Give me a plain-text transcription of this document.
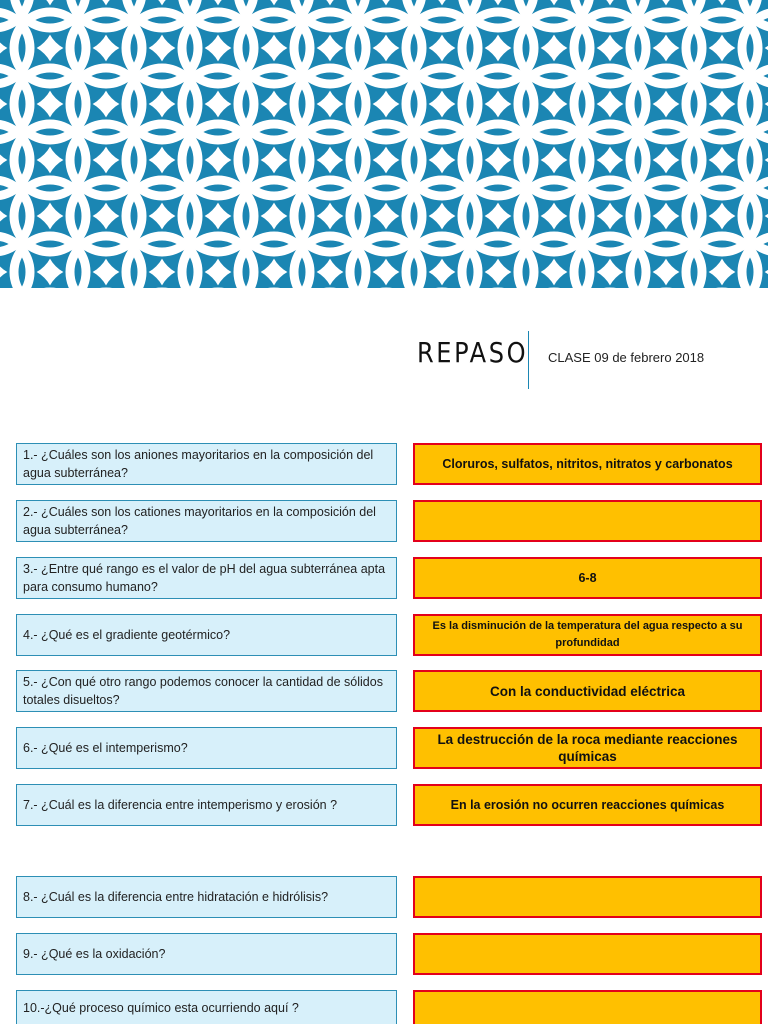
REPASO CLASE 09 de febrero 2018
1.- ¿Cuáles son los aniones mayoritarios en la composición del agua subterránea?
Cloruros, sulfatos, nitritos, nitratos y carbonatos
2.- ¿Cuáles son los cationes mayoritarios en la composición del agua subterránea?
3.- ¿Entre qué rango es el valor de pH del agua subterránea apta para consumo humano?
6-8
4.- ¿Qué es el gradiente geotérmico?
Es la disminución de la temperatura del agua respecto a su profundidad
5.- ¿Con qué otro rango podemos conocer la cantidad de sólidos totales disueltos?
Con la conductividad eléctrica
6.- ¿Qué es el intemperismo?
La destrucción de la roca mediante reacciones químicas
7.- ¿Cuál es la diferencia entre intemperismo y erosión ?	En la erosión no ocurren reacciones químicas
8.- ¿Cuál es la diferencia entre hidratación e hidrólisis?
9.- ¿Qué es la oxidación?
10.-¿Qué proceso químico esta ocurriendo aquí ?
